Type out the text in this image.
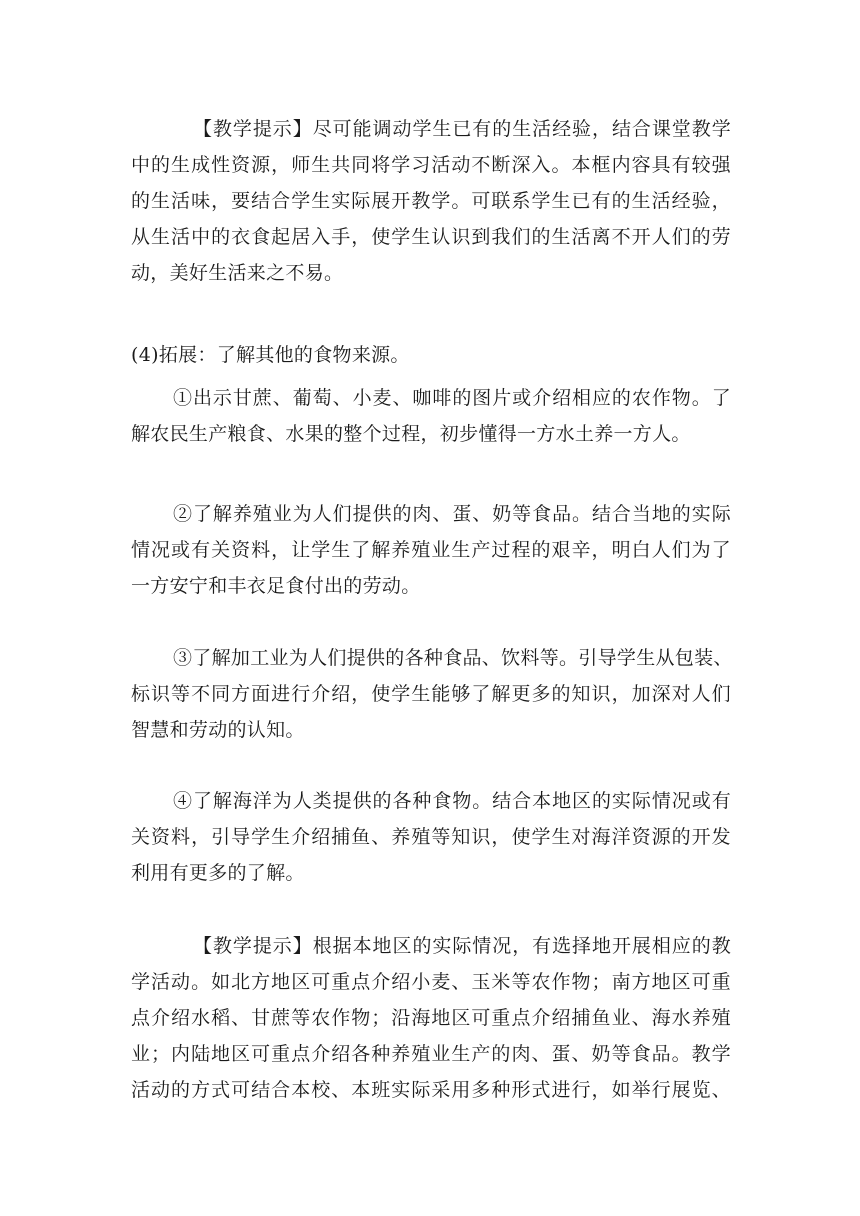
【教学提示】尽可能调动学生已有的生活经验，结合课堂教学
中的生成性资源，师生共同将学习活动不断深入。本框内容具有较强
的生活味，要结合学生实际展开教学。可联系学生已有的生活经验，
从生活中的衣食起居入手，使学生认识到我们的生活离不开人们的劳
动，美好生活来之不易。
(4)拓展：了解其他的食物来源。
①出示甘蔗、葡萄、小麦、咖啡的图片或介绍相应的农作物。了
解农民生产粮食、水果的整个过程，初步懂得一方水土养一方人。
②了解养殖业为人们提供的肉、蛋、奶等食品。结合当地的实际
情况或有关资料，让学生了解养殖业生产过程的艰辛，明白人们为了
一方安宁和丰衣足食付出的劳动。
③了解加工业为人们提供的各种食品、饮料等。引导学生从包装、
标识等不同方面进行介绍，使学生能够了解更多的知识，加深对人们
智慧和劳动的认知。
④了解海洋为人类提供的各种食物。结合本地区的实际情况或有
关资料，引导学生介绍捕鱼、养殖等知识，使学生对海洋资源的开发
利用有更多的了解。
【教学提示】根据本地区的实际情况，有选择地开展相应的教
学活动。如北方地区可重点介绍小麦、玉米等农作物；南方地区可重
点介绍水稻、甘蔗等农作物；沿海地区可重点介绍捕鱼业、海水养殖
业；内陆地区可重点介绍各种养殖业生产的肉、蛋、奶等食品。教学
活动的方式可结合本校、本班实际采用多种形式进行，如举行展览、
